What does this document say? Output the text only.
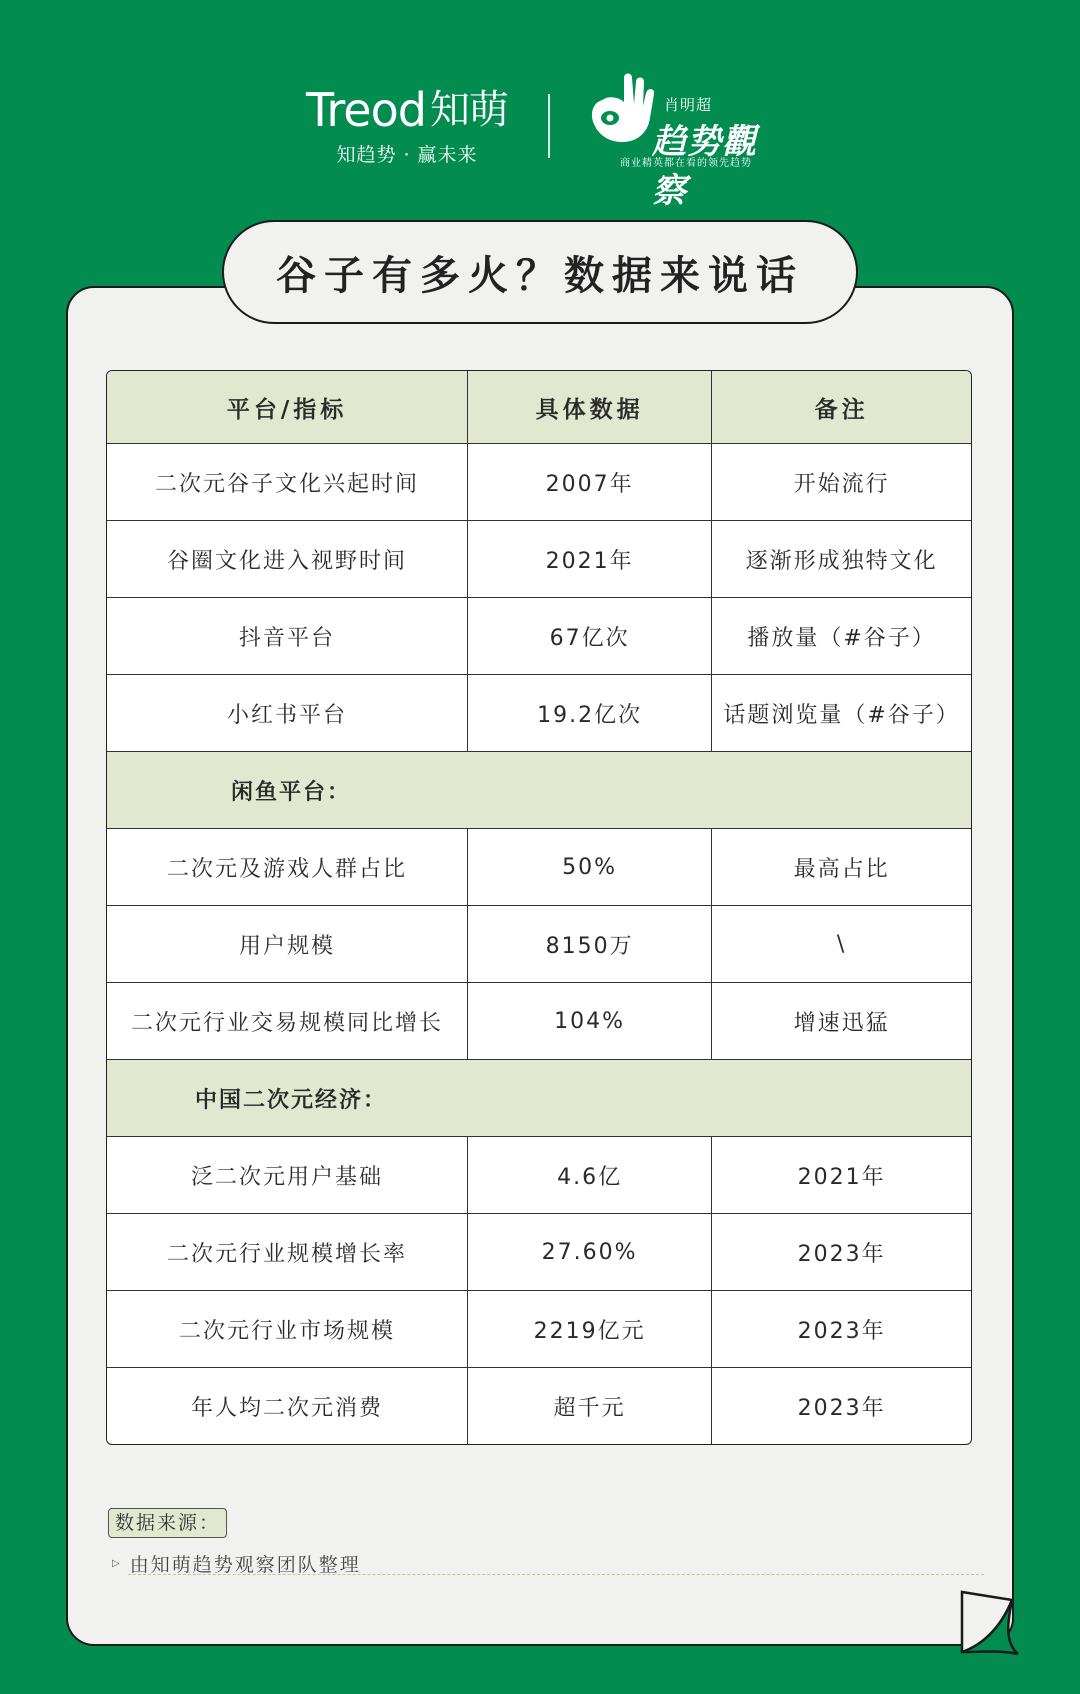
Treod 知萌
知趋势 · 赢未来
肖明超
趋势觀察
商业精英都在看的领先趋势
谷子有多火？数据来说话
平台/指标	具体数据	备注
二次元谷子文化兴起时间	2007年	开始流行
谷圈文化进入视野时间	2021年	逐渐形成独特文化
抖音平台	67亿次	播放量（#谷子）
小红书平台	19.2亿次	话题浏览量（#谷子）
闲鱼平台：		
二次元及游戏人群占比	50%	最高占比
用户规模	8150万	\
二次元行业交易规模同比增长	104%	增速迅猛
中国二次元经济：		
泛二次元用户基础	4.6亿	2021年
二次元行业规模增长率	27.60%	2023年
二次元行业市场规模	2219亿元	2023年
年人均二次元消费	超千元	2023年
数据来源：
▷ 由知萌趋势观察团队整理
